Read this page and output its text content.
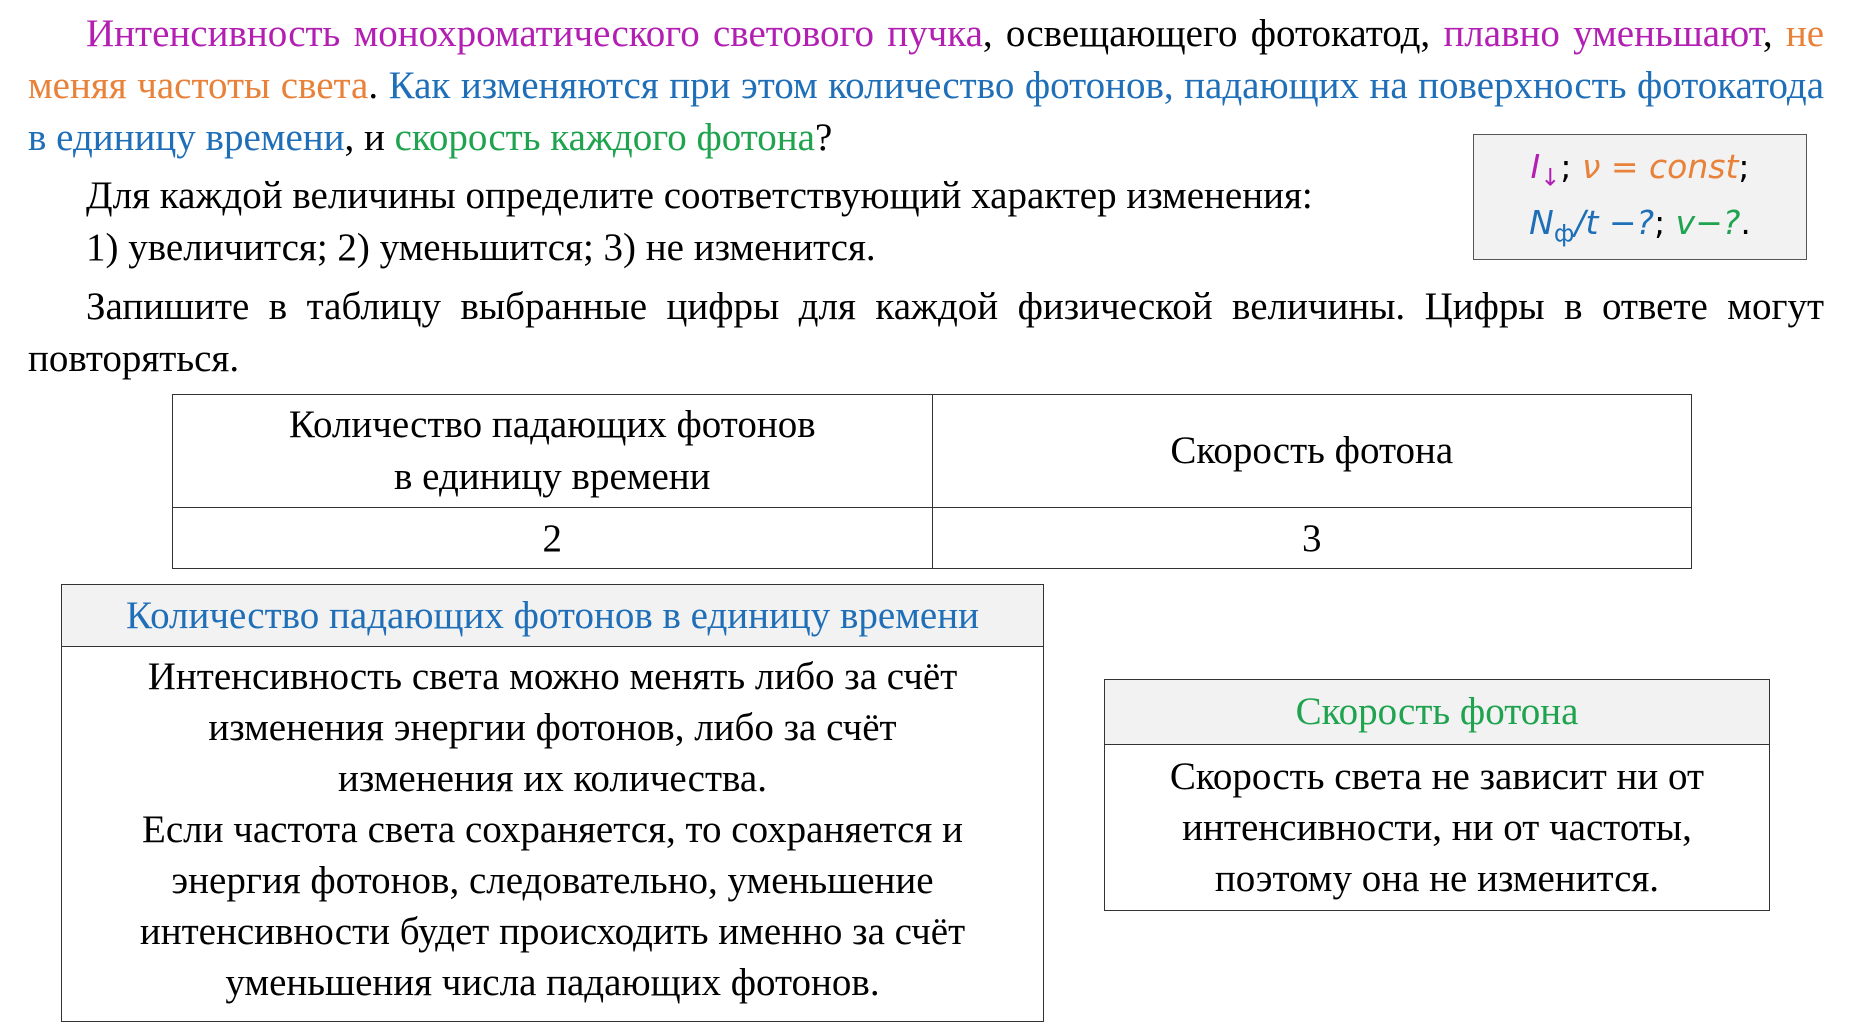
Интенсивность монохроматического светового пучка, освещающего фотокатод, плавно уменьшают, не меняя частоты света. Как изменяются при этом количество фотонов, падающих на поверхность фотокатода в единицу времени, и скорость каждого фотона?
Для каждой величины определите соответствующий характер изменения:
1) увеличится; 2) уменьшится; 3) не изменится.
Запишите в таблицу выбранные цифры для каждой физической величины. Цифры в ответе могут повторяться.
$I_↓$; ν = const;
$N_ф/t$ −?; v−?.
Количество падающих фотонов
в единицу времени	Скорость фотона
2	3
Количество падающих фотонов в единицу времени
Интенсивность света можно менять либо за счёт
изменения энергии фотонов, либо за счёт
изменения их количества.
Если частота света сохраняется, то сохраняется и
энергия фотонов, следовательно, уменьшение
интенсивности будет происходить именно за счёт
уменьшения числа падающих фотонов.
Скорость фотона
Скорость света не зависит ни от
интенсивности, ни от частоты,
поэтому она не изменится.
